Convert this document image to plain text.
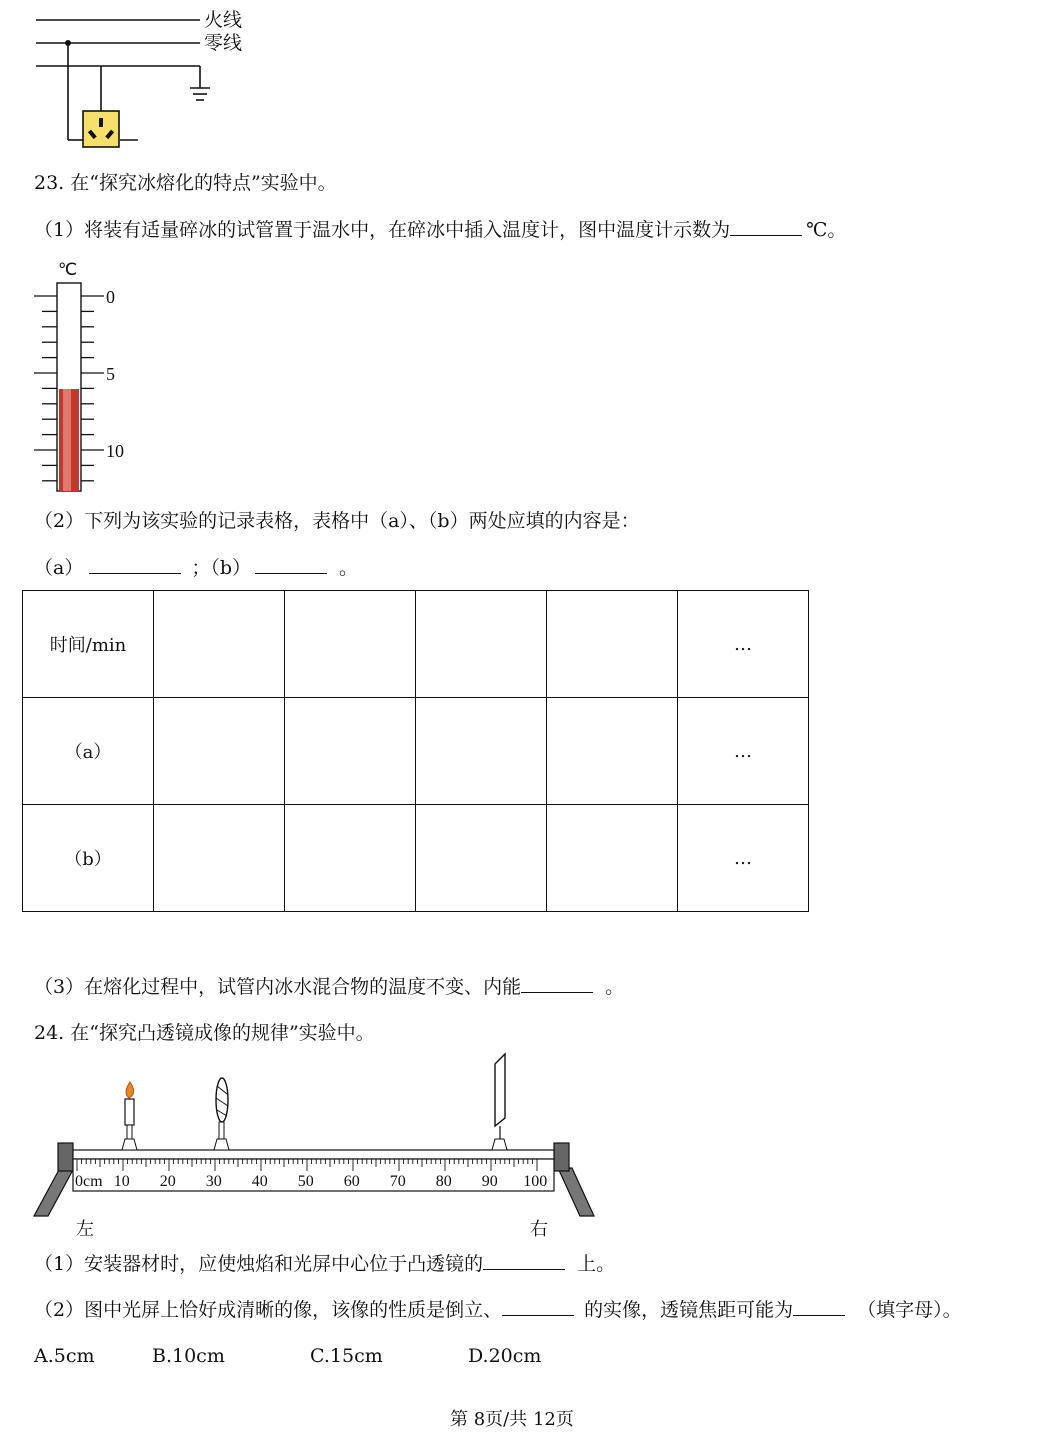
火线
零线
23. 在“探究冰熔化的特点”实验中。
（1）将装有适量碎冰的试管置于温水中，在碎冰中插入温度计，图中温度计示数为	℃。
℃
0
5
10
（2）下列为该实验的记录表格，表格中（a）、（b）两处应填的内容是：
（a）	；（b）	。
时间/min					…
（a）					…
（b）					…
（3）在熔化过程中，试管内冰水混合物的温度不变、内能	。
24. 在“探究凸透镜成像的规律”实验中。
0cm 10 20 30 40 50 60 70 80 90 100
左	右
（1）安装器材时，应使烛焰和光屏中心位于凸透镜的	上。
（2）图中光屏上恰好成清晰的像，该像的性质是倒立、	的实像，透镜焦距可能为	（填字母）。
A.5cm	B.10cm	C.15cm	D.20cm
第 8页/共 12页
